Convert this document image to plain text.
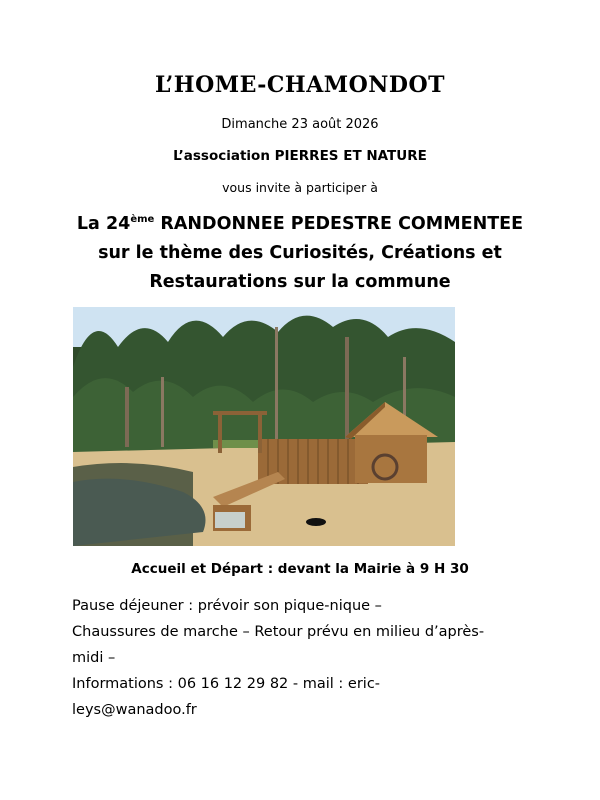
L’HOME-CHAMONDOT
Dimanche 23 août 2026
L’association PIERRES ET NATURE
vous invite à participer à
La 24ème RANDONNEE PEDESTRE COMMENTEE
sur le thème des Curiosités, Créations et
Restaurations sur la commune
Accueil et Départ : devant la Mairie à 9 H 30
Pause déjeuner : prévoir son pique-nique –
Chaussures de marche – Retour prévu en milieu d’après-
midi –
Informations : 06 16 12 29 82 - mail : eric-
leys@wanadoo.fr
